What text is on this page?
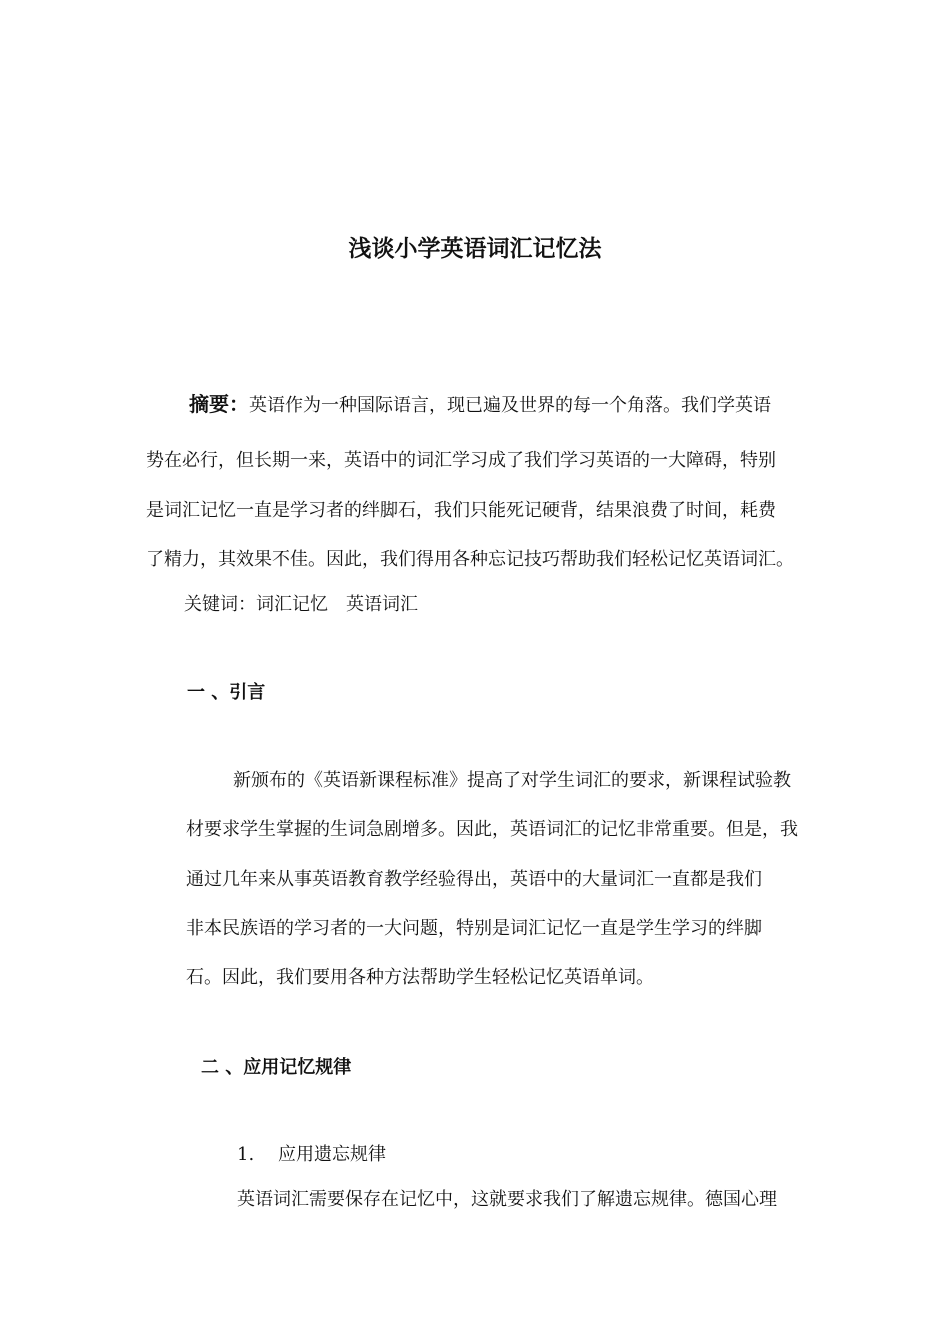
浅谈小学英语词汇记忆法
摘要：英语作为一种国际语言，现已遍及世界的每一个角落。我们学英语
势在必行，但长期一来，英语中的词汇学习成了我们学习英语的一大障碍，特别
是词汇记忆一直是学习者的绊脚石，我们只能死记硬背，结果浪费了时间，耗费
了精力，其效果不佳。因此，我们得用各种忘记技巧帮助我们轻松记忆英语词汇。
关键词：词汇记忆　英语词汇
一 、引言
新颁布的《英语新课程标准》提高了对学生词汇的要求，新课程试验教
材要求学生掌握的生词急剧增多。因此，英语词汇的记忆非常重要。但是，我
通过几年来从事英语教育教学经验得出，英语中的大量词汇一直都是我们
非本民族语的学习者的一大问题，特别是词汇记忆一直是学生学习的绊脚
石。因此，我们要用各种方法帮助学生轻松记忆英语单词。
二 、应用记忆规律
1. 应用遗忘规律
英语词汇需要保存在记忆中，这就要求我们了解遗忘规律。德国心理
